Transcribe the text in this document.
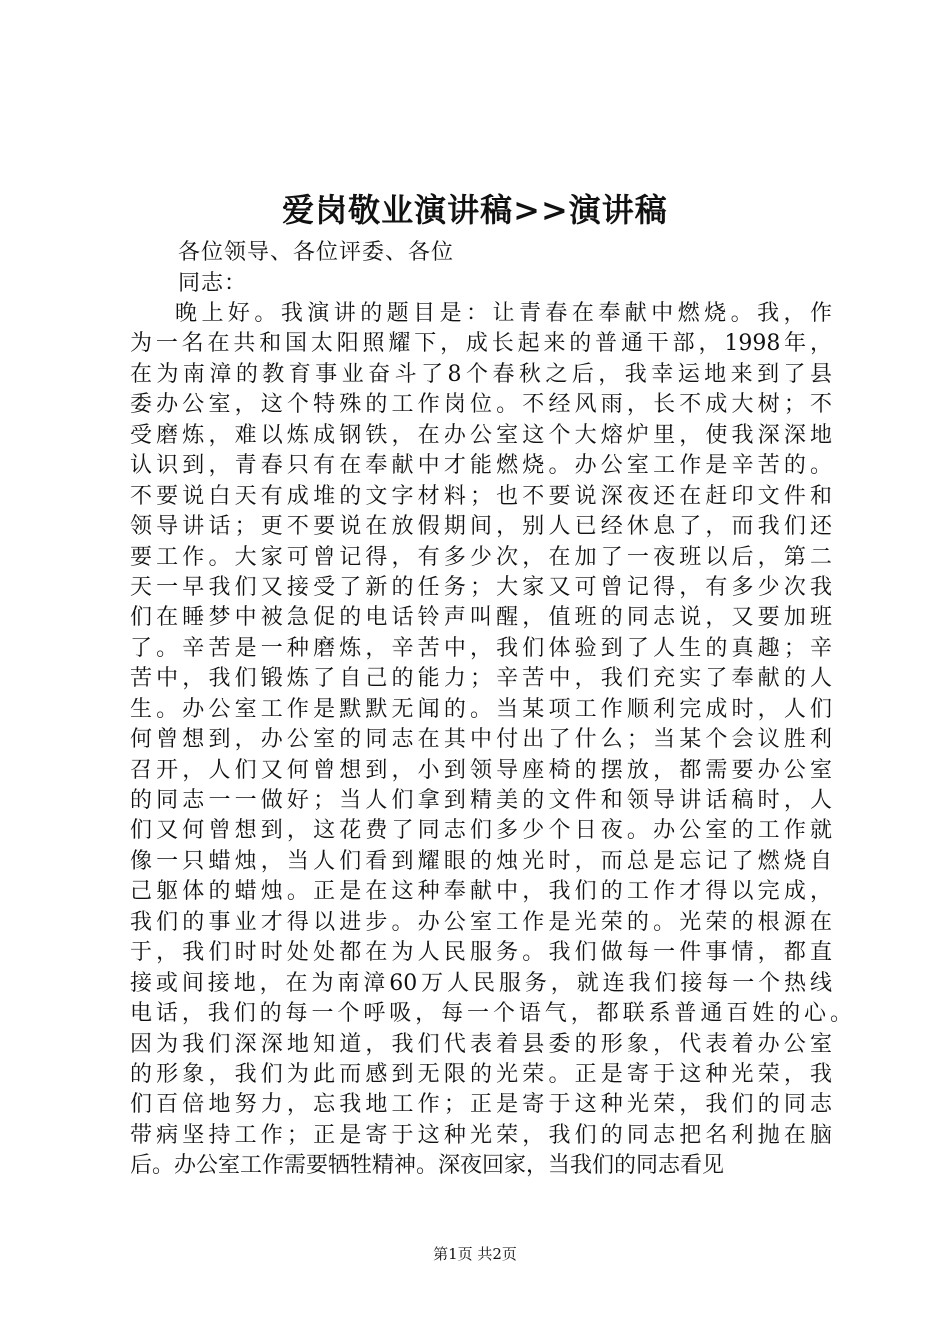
爱岗敬业演讲稿>>演讲稿
各位领导、各位评委、各位
同志：
晚上好。我演讲的题目是：让青春在奉献中燃烧。我，作
为一名在共和国太阳照耀下，成长起来的普通干部，1998年，
在为南漳的教育事业奋斗了8个春秋之后，我幸运地来到了县
委办公室，这个特殊的工作岗位。不经风雨，长不成大树；不
受磨炼，难以炼成钢铁，在办公室这个大熔炉里，使我深深地
认识到，青春只有在奉献中才能燃烧。办公室工作是辛苦的。
不要说白天有成堆的文字材料；也不要说深夜还在赶印文件和
领导讲话；更不要说在放假期间，别人已经休息了，而我们还
要工作。大家可曾记得，有多少次，在加了一夜班以后，第二
天一早我们又接受了新的任务；大家又可曾记得，有多少次我
们在睡梦中被急促的电话铃声叫醒，值班的同志说，又要加班
了。辛苦是一种磨炼，辛苦中，我们体验到了人生的真趣；辛
苦中，我们锻炼了自己的能力；辛苦中，我们充实了奉献的人
生。办公室工作是默默无闻的。当某项工作顺利完成时，人们
何曾想到，办公室的同志在其中付出了什么；当某个会议胜利
召开，人们又何曾想到，小到领导座椅的摆放，都需要办公室
的同志一一做好；当人们拿到精美的文件和领导讲话稿时，人
们又何曾想到，这花费了同志们多少个日夜。办公室的工作就
像一只蜡烛，当人们看到耀眼的烛光时，而总是忘记了燃烧自
己躯体的蜡烛。正是在这种奉献中，我们的工作才得以完成，
我们的事业才得以进步。办公室工作是光荣的。光荣的根源在
于，我们时时处处都在为人民服务。我们做每一件事情，都直
接或间接地，在为南漳60万人民服务，就连我们接每一个热线
电话，我们的每一个呼吸，每一个语气，都联系普通百姓的心。
因为我们深深地知道，我们代表着县委的形象，代表着办公室
的形象，我们为此而感到无限的光荣。正是寄于这种光荣，我
们百倍地努力，忘我地工作；正是寄于这种光荣，我们的同志
带病坚持工作；正是寄于这种光荣，我们的同志把名利抛在脑
后。办公室工作需要牺牲精神。深夜回家，当我们的同志看见
第1页 共2页
